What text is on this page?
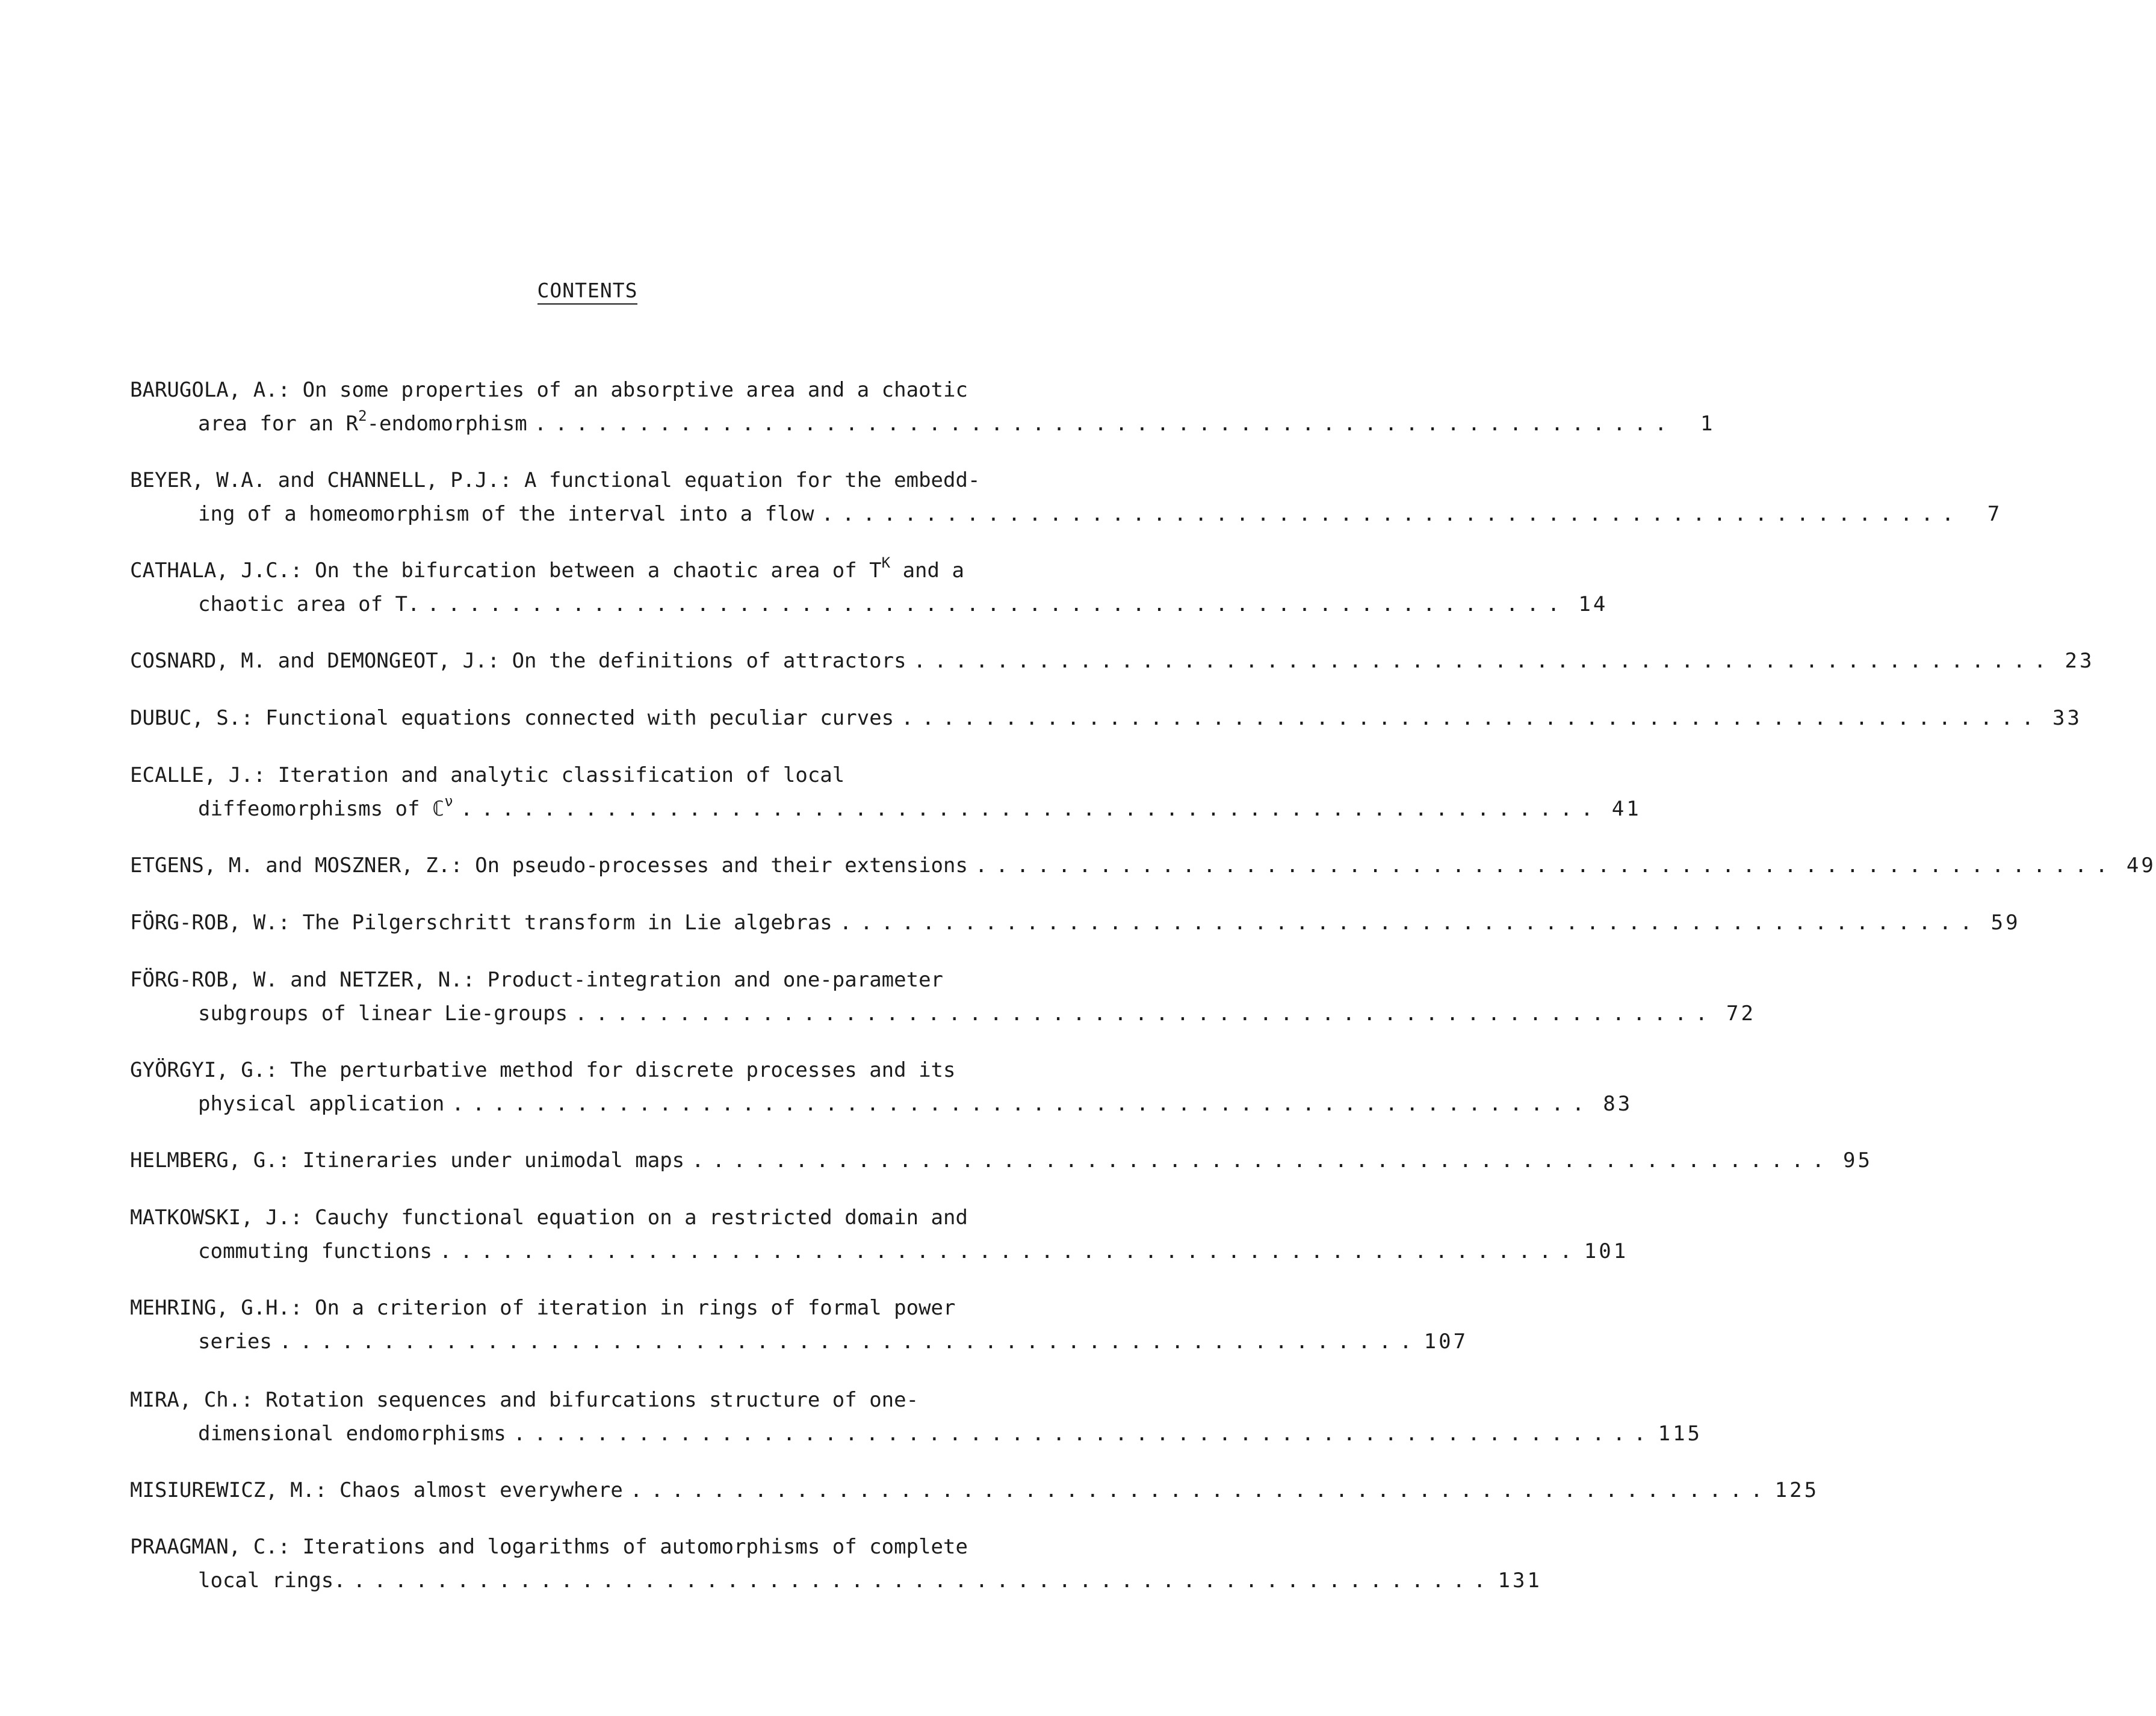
CONTENTS
BARUGOLA, A.: On some properties of an absorptive area and a chaotic
area for an $R^2$-endomorphism .......................................................	1
BEYER, W.A. and CHANNELL, P.J.: A functional equation for the embedd-
ing of a homeomorphism of the interval into a flow .......................................................	7
CATHALA, J.C.: On the bifurcation between a chaotic area of $T^K$ and a
chaotic area of T. ....................................................... 14
COSNARD, M. and DEMONGEOT, J.: On the definitions of attractors ....................................................... 23
DUBUC, S.: Functional equations connected with peculiar curves ....................................................... 33
ECALLE, J.: Iteration and analytic classification of local
diffeomorphisms of ℂ$^\nu$ ....................................................... 41
ETGENS, M. and MOSZNER, Z.: On pseudo-processes and their extensions ....................................................... 49
FÖRG-ROB, W.: The Pilgerschritt transform in Lie algebras ....................................................... 59
FÖRG-ROB, W. and NETZER, N.: Product-integration and one-parameter
subgroups of linear Lie-groups ....................................................... 72
GYÖRGYI, G.: The perturbative method for discrete processes and its
physical application ....................................................... 83
HELMBERG, G.: Itineraries under unimodal maps ....................................................... 95
MATKOWSKI, J.: Cauchy functional equation on a restricted domain and
commuting functions ....................................................... 101
MEHRING, G.H.: On a criterion of iteration in rings of formal power
series ....................................................... 107
MIRA, Ch.: Rotation sequences and bifurcations structure of one-
dimensional endomorphisms ....................................................... 115
MISIUREWICZ, M.: Chaos almost everywhere ....................................................... 125
PRAAGMAN, C.: Iterations and logarithms of automorphisms of complete
local rings. ....................................................... 131
